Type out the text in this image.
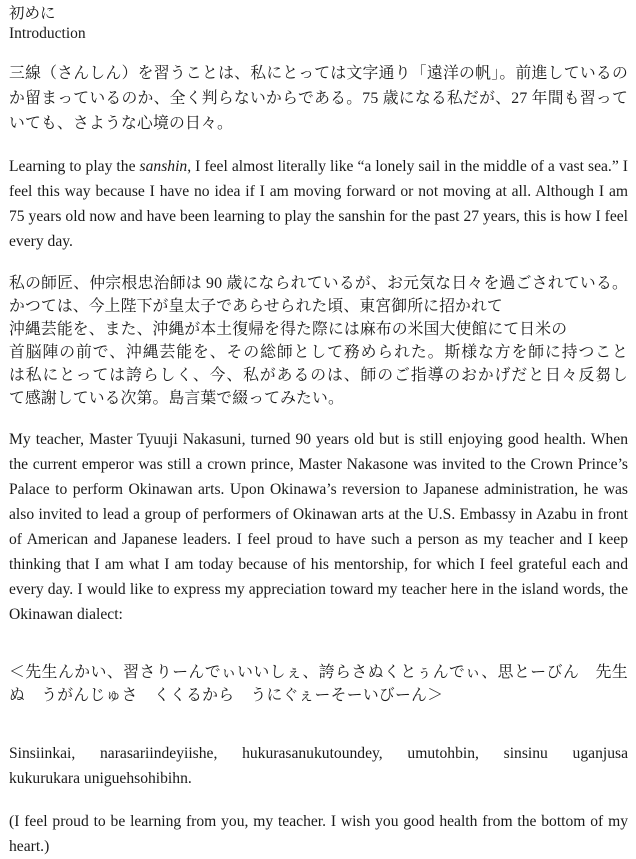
初めに
Introduction

三線（さんしん）を習うことは、私にとっては文字通り「遠洋の帆」。前進しているのか留まっているのか、全く判らないからである。75 歳になる私だが、27 年間も習っていても、さような心境の日々。

Learning to play the sanshin, I feel almost literally like “a lonely sail in the middle of a vast sea.” I feel this way because I have no idea if I am moving forward or not moving at all. Although I am 75 years old now and have been learning to play the sanshin for the past 27 years, this is how I feel every day.

私の師匠、仲宗根忠治師は 90 歳になられているが、お元気な日々を過ごされている。
かつては、今上陛下が皇太子であらせられた頃、東宮御所に招かれて
沖縄芸能を、また、沖縄が本土復帰を得た際には麻布の米国大使館にて日米の
首脳陣の前で、沖縄芸能を、その総師として務められた。斯様な方を師に持つこと
は私にとっては誇らしく、今、私があるのは、師のご指導のおかげだと日々反芻し
て感謝している次第。島言葉で綴ってみたい。

My teacher, Master Tyuuji Nakasuni, turned 90 years old but is still enjoying good health. When the current emperor was still a crown prince, Master Nakasone was invited to the Crown Prince’s Palace to perform Okinawan arts. Upon Okinawa’s reversion to Japanese administration, he was also invited to lead a group of performers of Okinawan arts at the U.S. Embassy in Azabu in front of American and Japanese leaders. I feel proud to have such a person as my teacher and I keep thinking that I am what I am today because of his mentorship, for which I feel grateful each and every day. I would like to express my appreciation toward my teacher here in the island words, the Okinawan dialect:

＜先生んかい、習さりーんでぃいいしぇ、誇らさぬくとぅんでぃ、思とーびん　先生ぬ　うがんじゅさ　くくるから　うにぐぇーそーいびーん＞

Sinsiinkai, narasariindeyiishe, hukurasanukutoundey, umutohbin, sinsinu uganjusa
kukurukara uniguehsohibihn.

(I feel proud to be learning from you, my teacher. I wish you good health from the bottom of my heart.)
